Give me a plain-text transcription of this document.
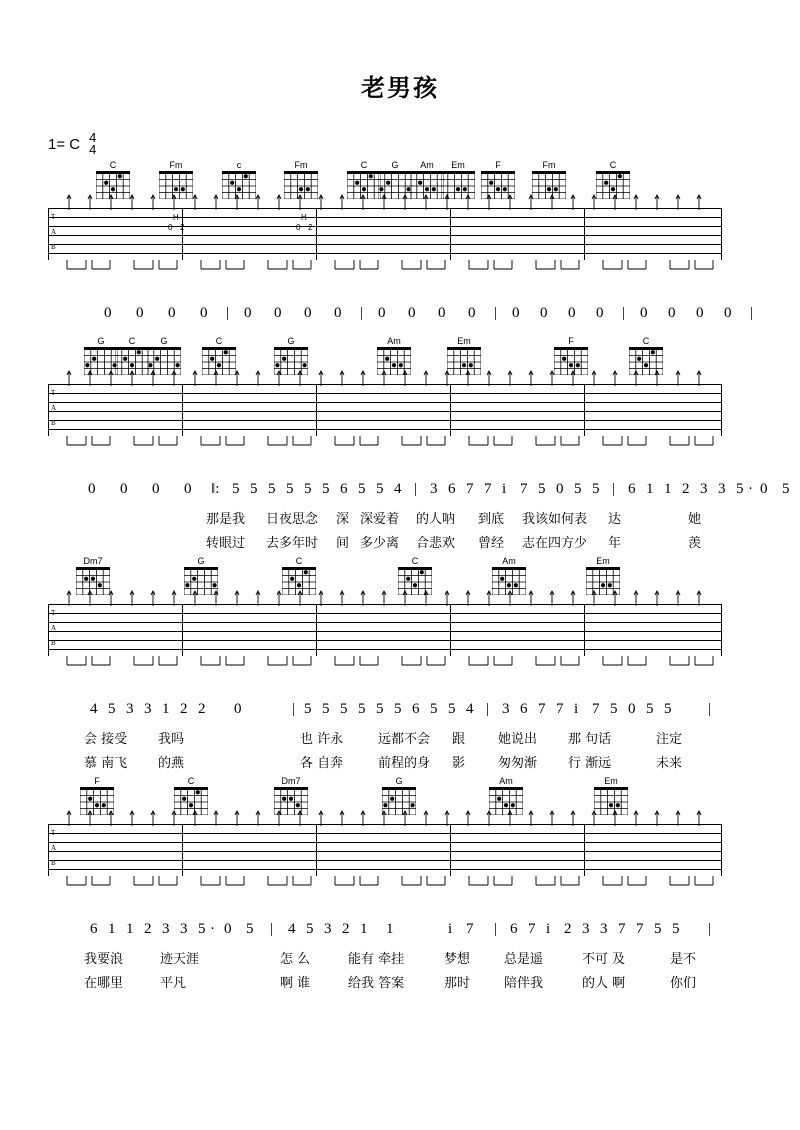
老男孩
1= C 4
4
C	Fm	c	Fm	C	G	Am	Em	F	Fm	C
T
A
B
H
0 2
H
0 2
0 0 0 0 | 0 0 0 0 | 0 0 0 0 | 0 0 0 0 | 0 0 0 0 |
G	C	G	C	G	Am	Em	F	C
T
A
B
0 0 0 0 ‖: 5 5 5 5 5 5 6 5 5 4 | 3 6 7 7 i 7 5 0 5 5 | 6 1 1 2 3 3 5 · 0 5
那是我 日夜思念 深 深爱着 的人呐 到底 我该如何表 达	她
转眼过 去多年时 间 多少离 合悲欢 曾经 志在四方少 年	羡
Dm7	G	C	C	Am	Em
T
A
B
4 5 3 3 1 2 2 0	| 5 5 5 5 5 5 6 5 5 4 | 3 6 7 7 i 7 5 0 5 5 |
会 接受 我吗	也 许永	远都不会 跟	她说出 那 句话	注定
慕 南飞 的燕	各 自奔	前程的身 影	匆匆渐 行 渐远	未来
F	C	Dm7	G	Am	Em
T
A
B
6 1 1 2 3 3 5 · 0 5 | 4 5 3 2 1 1	i 7 | 6 7 i 2 3 3 7 7 5 5 |
我要浪	迹天涯	怎 么	能有 牵挂	梦想	总是遥	不可 及	是不
在哪里	平凡	啊 谁	给我 答案	那时	陪伴我	的人 啊	你们
